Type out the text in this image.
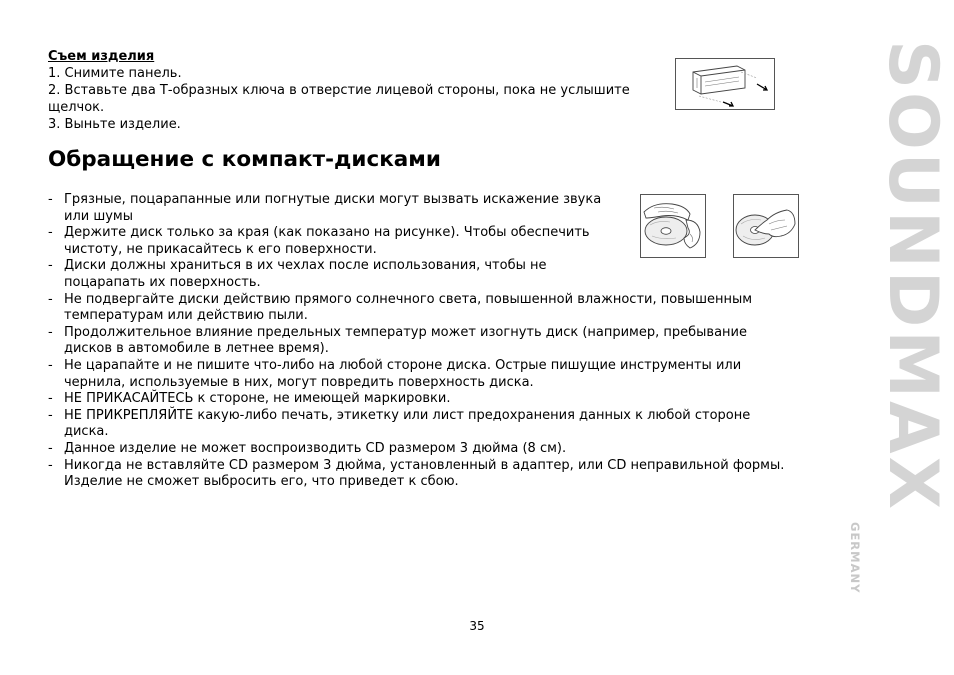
Съем изделия

1. Снимите панель.

2. Вставьте два Т-образных ключа в отверстие лицевой стороны, пока не услышите щелчок.

3. Выньте изделие.

Обращение с компакт-дисками
- Грязные, поцарапанные или погнутые диски могут вызвать искажение звука или шумы
- Держите диск только за края (как показано на рисунке). Чтобы обеспечить чистоту, не прикасайтесь к его поверхности.
- Диски должны храниться в их чехлах после использования, чтобы не поцарапать их поверхность.
- Не подвергайте диски действию прямого солнечного света, повышенной влажности, повышенным температурам или действию пыли.
- Продолжительное влияние предельных температур может изогнуть диск (например, пребывание дисков в автомобиле в летнее время).
- Не царапайте и не пишите что-либо на любой стороне диска. Острые пишущие инструменты или чернила, используемые в них, могут повредить поверхность диска.
- НЕ ПРИКАСАЙТЕСЬ к стороне, не имеющей маркировки.
- НЕ ПРИКРЕПЛЯЙТЕ какую-либо печать, этикетку или лист предохранения данных к любой стороне диска.
- Данное изделие не может воспроизводить CD размером 3 дюйма (8 см).
- Никогда не вставляйте CD размером 3 дюйма, установленный в адаптер, или CD неправильной формы. Изделие не сможет выбросить его, что приведет к сбою.
35
SOUNDMAX
GERMANY
